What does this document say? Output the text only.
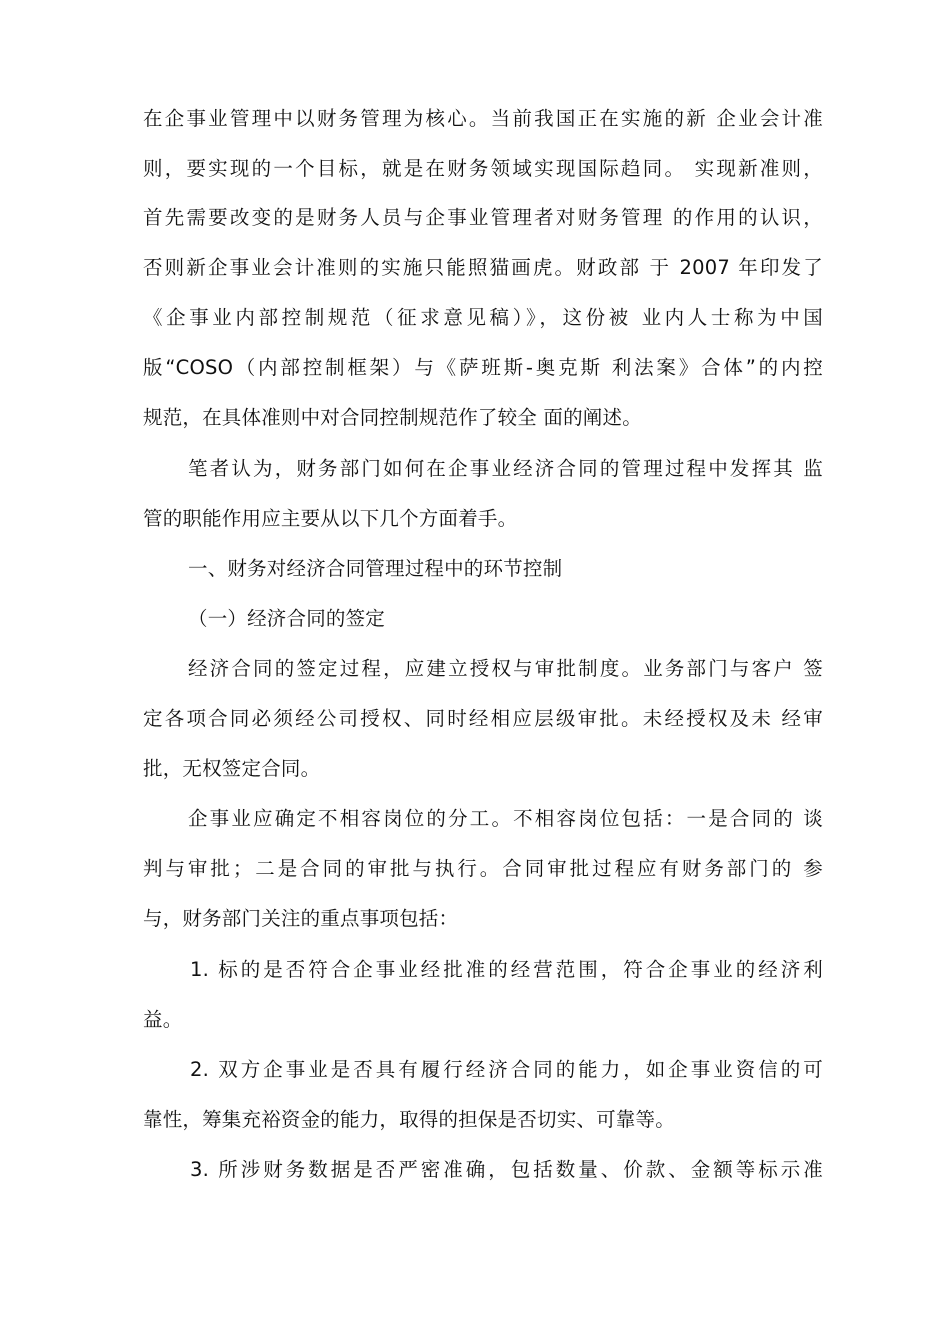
在企事业管理中以财务管理为核心。当前我国正在实施的新 企业会计准
则，要实现的一个目标，就是在财务领域实现国际趋同。 实现新准则，
首先需要改变的是财务人员与企事业管理者对财务管理 的作用的认识，
否则新企事业会计准则的实施只能照猫画虎。财政部 于 2007 年印发了
《企事业内部控制规范（征求意见稿）》，这份被 业内人士称为中国
版“COSO（内部控制框架）与《萨班斯-奥克斯 利法案》合体”的内控
规范，在具体准则中对合同控制规范作了较全 面的阐述。
笔者认为，财务部门如何在企事业经济合同的管理过程中发挥其 监
管的职能作用应主要从以下几个方面着手。
一、财务对经济合同管理过程中的环节控制
（一）经济合同的签定
经济合同的签定过程，应建立授权与审批制度。业务部门与客户 签
定各项合同必须经公司授权、同时经相应层级审批。未经授权及未 经审
批，无权签定合同。
企事业应确定不相容岗位的分工。不相容岗位包括：一是合同的 谈
判与审批；二是合同的审批与执行。合同审批过程应有财务部门的 参
与，财务部门关注的重点事项包括：
1. 标的是否符合企事业经批准的经营范围，符合企事业的经济利
益。
2. 双方企事业是否具有履行经济合同的能力，如企事业资信的可
靠性，筹集充裕资金的能力，取得的担保是否切实、可靠等。
3. 所涉财务数据是否严密准确，包括数量、价款、金额等标示准
